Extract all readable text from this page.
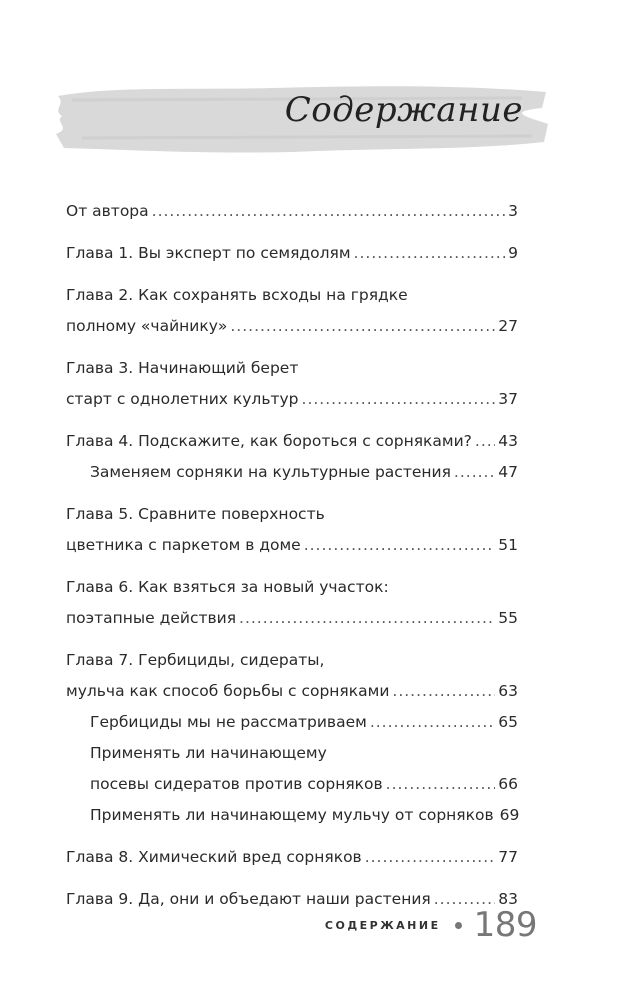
Содержание
От автора .....	3
Глава 1. Вы эксперт по семядолям .....	9
Глава 2. Как сохранять всходы на грядке
полному «чайнику» .....	27
Глава 3. Начинающий берет
старт с однолетних культур .....	37
Глава 4. Подскажите, как бороться с сорняками? ..... 43
Заменяем сорняки на культурные растения .....	47
Глава 5. Сравните поверхность
цветника с паркетом в доме .....	51
Глава 6. Как взяться за новый участок:
поэтапные действия .....	55
Глава 7. Гербициды, сидераты,
мульча как способ борьбы с сорняками .....	63
Гербициды мы не рассматриваем .....	65
Применять ли начинающему
посевы сидератов против сорняков .....	66
Применять ли начинающему мульчу от сорняков 69
Глава 8. Химический вред сорняков .....	77
Глава 9. Да, они и объедают наши растения .....	83
СОДЕРЖАНИЕ 189
